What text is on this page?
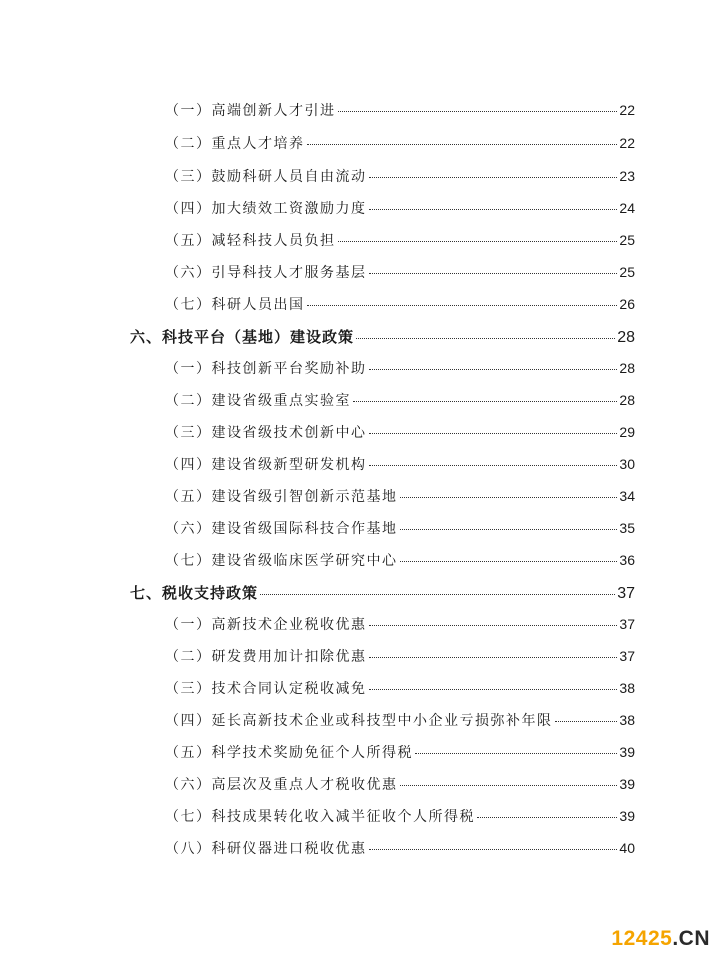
（一）高端创新人才引进	22
（二）重点人才培养	22
（三）鼓励科研人员自由流动	23
（四）加大绩效工资激励力度	24
（五）减轻科技人员负担	25
（六）引导科技人才服务基层	25
（七）科研人员出国	26
六、科技平台（基地）建设政策	28
（一）科技创新平台奖励补助	28
（二）建设省级重点实验室	28
（三）建设省级技术创新中心	29
（四）建设省级新型研发机构	30
（五）建设省级引智创新示范基地	34
（六）建设省级国际科技合作基地	35
（七）建设省级临床医学研究中心	36
七、税收支持政策	37
（一）高新技术企业税收优惠	37
（二）研发费用加计扣除优惠	37
（三）技术合同认定税收减免	38
（四）延长高新技术企业或科技型中小企业亏损弥补年限	38
（五）科学技术奖励免征个人所得税	39
（六）高层次及重点人才税收优惠	39
（七）科技成果转化收入减半征收个人所得税	39
（八）科研仪器进口税收优惠	40
12425.CN
